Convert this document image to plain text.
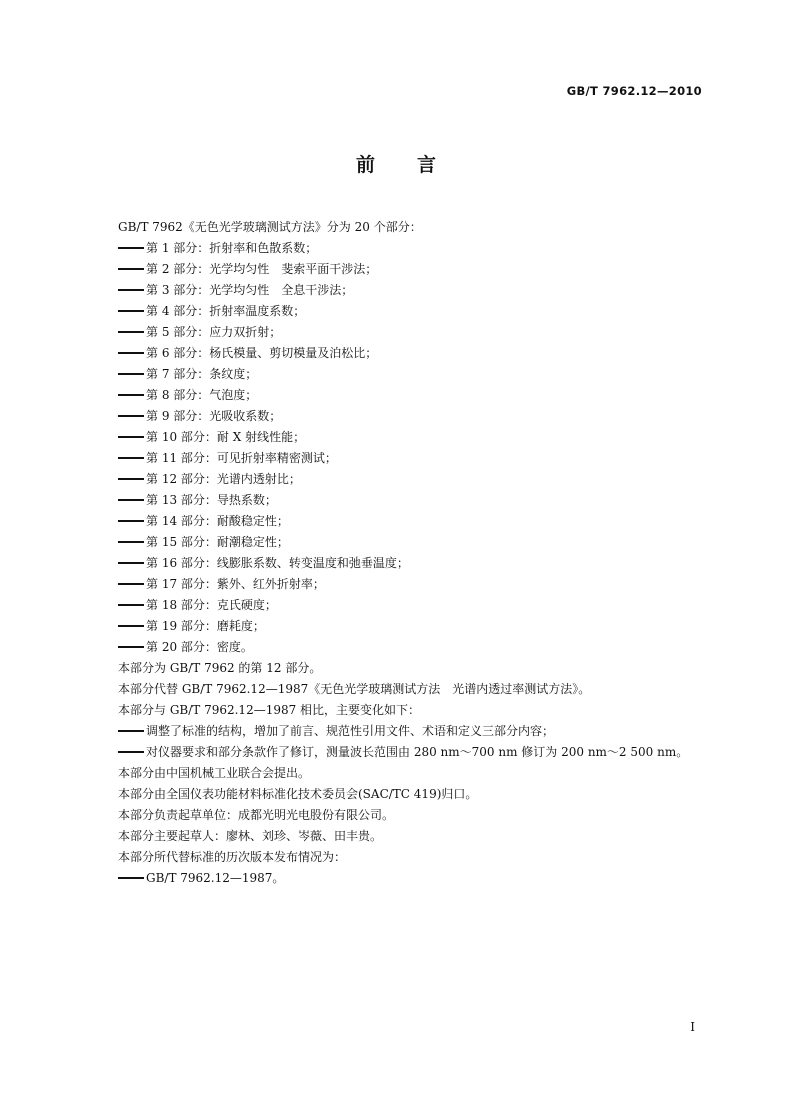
GB/T 7962.12—2010
前言
GB/T 7962《无色光学玻璃测试方法》分为 20 个部分：
第 1 部分：折射率和色散系数；
第 2 部分：光学均匀性　斐索平面干涉法；
第 3 部分：光学均匀性　全息干涉法；
第 4 部分：折射率温度系数；
第 5 部分：应力双折射；
第 6 部分：杨氏模量、剪切模量及泊松比；
第 7 部分：条纹度；
第 8 部分：气泡度；
第 9 部分：光吸收系数；
第 10 部分：耐 X 射线性能；
第 11 部分：可见折射率精密测试；
第 12 部分：光谱内透射比；
第 13 部分：导热系数；
第 14 部分：耐酸稳定性；
第 15 部分：耐潮稳定性；
第 16 部分：线膨胀系数、转变温度和弛垂温度；
第 17 部分：紫外、红外折射率；
第 18 部分：克氏硬度；
第 19 部分：磨耗度；
第 20 部分：密度。
本部分为 GB/T 7962 的第 12 部分。
本部分代替 GB/T 7962.12—1987《无色光学玻璃测试方法　光谱内透过率测试方法》。
本部分与 GB/T 7962.12—1987 相比，主要变化如下：
调整了标准的结构，增加了前言、规范性引用文件、术语和定义三部分内容；
对仪器要求和部分条款作了修订，测量波长范围由 280 nm～700 nm 修订为 200 nm～2 500 nm。
本部分由中国机械工业联合会提出。
本部分由全国仪表功能材料标准化技术委员会(SAC/TC 419)归口。
本部分负责起草单位：成都光明光电股份有限公司。
本部分主要起草人：廖林、刘珍、岑薇、田丰贵。
本部分所代替标准的历次版本发布情况为：
GB/T 7962.12—1987。
I
